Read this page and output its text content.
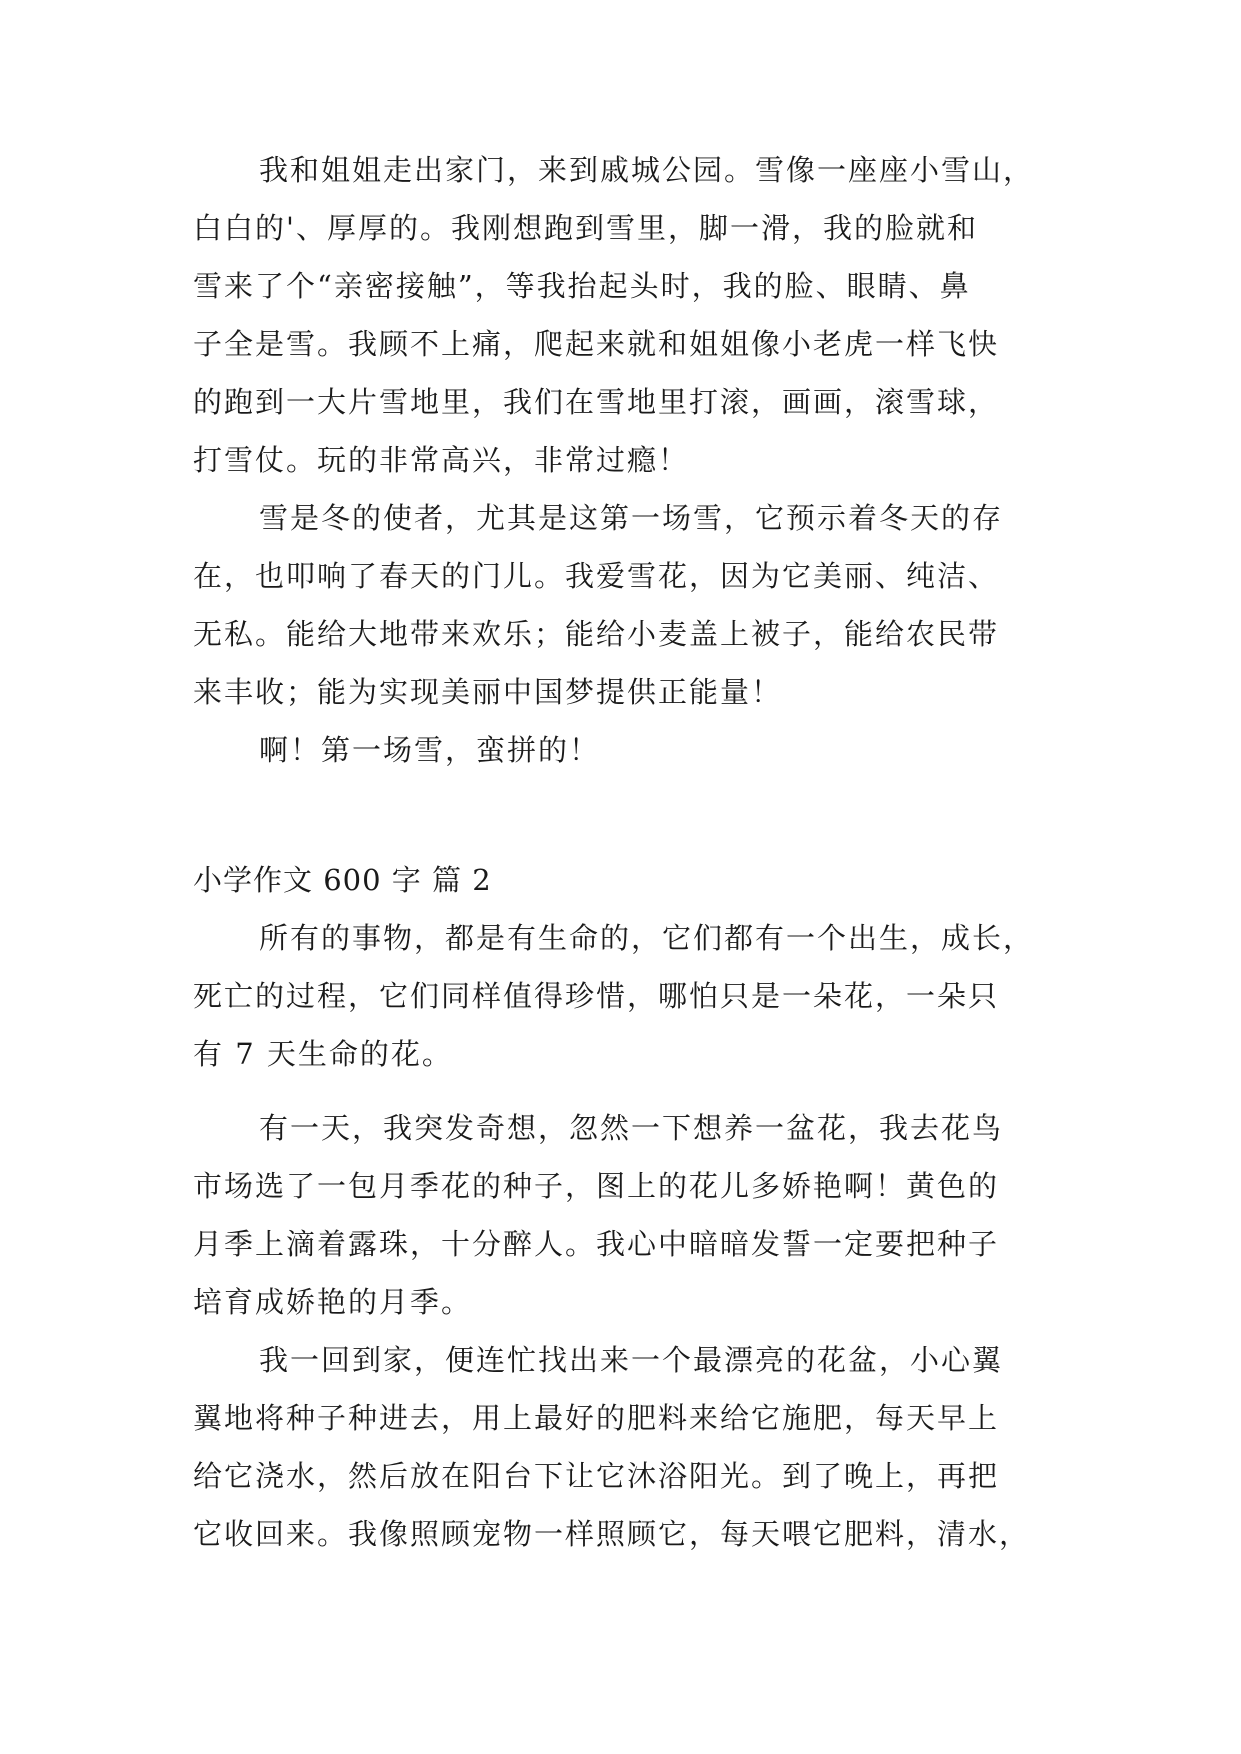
我和姐姐走出家门，来到戚城公园。雪像一座座小雪山，
白白的'、厚厚的。我刚想跑到雪里，脚一滑，我的脸就和
雪来了个“亲密接触”，等我抬起头时，我的脸、眼睛、鼻
子全是雪。我顾不上痛，爬起来就和姐姐像小老虎一样飞快
的跑到一大片雪地里，我们在雪地里打滚，画画，滚雪球，
打雪仗。玩的非常高兴，非常过瘾！
雪是冬的使者，尤其是这第一场雪，它预示着冬天的存
在，也叩响了春天的门儿。我爱雪花，因为它美丽、纯洁、
无私。能给大地带来欢乐；能给小麦盖上被子，能给农民带
来丰收；能为实现美丽中国梦提供正能量！
啊！第一场雪，蛮拼的！
小学作文 600 字 篇 2
所有的事物，都是有生命的，它们都有一个出生，成长，
死亡的过程，它们同样值得珍惜，哪怕只是一朵花，一朵只
有 7 天生命的花。
有一天，我突发奇想，忽然一下想养一盆花，我去花鸟
市场选了一包月季花的种子，图上的花儿多娇艳啊！黄色的
月季上滴着露珠，十分醉人。我心中暗暗发誓一定要把种子
培育成娇艳的月季。
我一回到家，便连忙找出来一个最漂亮的花盆，小心翼
翼地将种子种进去，用上最好的肥料来给它施肥，每天早上
给它浇水，然后放在阳台下让它沐浴阳光。到了晚上，再把
它收回来。我像照顾宠物一样照顾它，每天喂它肥料，清水，
